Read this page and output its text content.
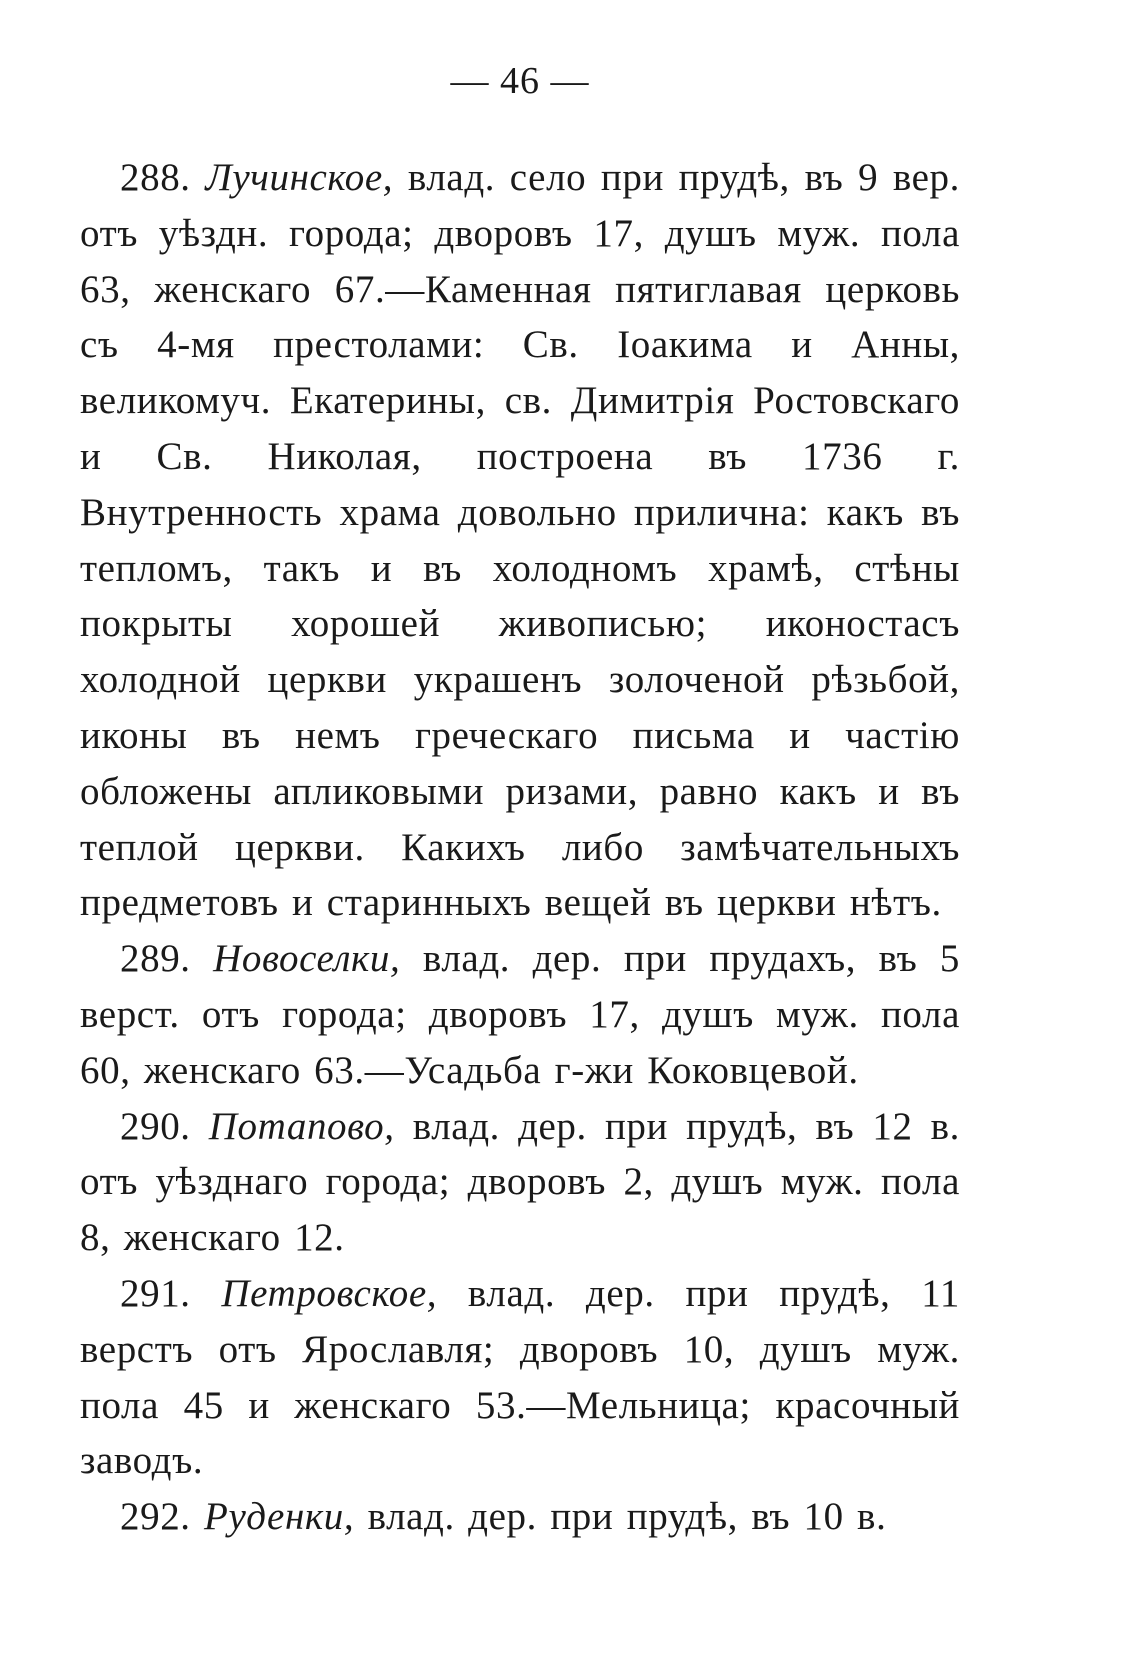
— 46 —

288. Лучинское, влад. село при прудѣ, въ 9 вер. отъ уѣздн. города; дворовъ 17, душъ муж. пола 63, женскаго 67.—Каменная пятиглавая церковь съ 4-мя престолами: Св. Іоакима и Анны, великомуч. Екатерины, св. Димитрія Ростовскаго и Св. Николая, построена въ 1736 г. Внутренность храма довольно прилична: какъ въ тепломъ, такъ и въ холодномъ храмѣ, стѣны покрыты хорошей живописью; иконостасъ холодной церкви украшенъ золоченой рѣзьбой, иконы въ немъ греческаго письма и частію обложены апликовыми ризами, равно какъ и въ теплой церкви. Какихъ либо замѣчательныхъ предметовъ и старинныхъ вещей въ церкви нѣтъ.

289. Новоселки, влад. дер. при прудахъ, въ 5 верст. отъ города; дворовъ 17, душъ муж. пола 60, женскаго 63.—Усадьба г-жи Коковцевой.

290. Потапово, влад. дер. при прудѣ, въ 12 в. отъ уѣзднаго города; дворовъ 2, душъ муж. пола 8, женскаго 12.

291. Петровское, влад. дер. при прудѣ, 11 верстъ отъ Ярославля; дворовъ 10, душъ муж. пола 45 и женскаго 53.—Мельница; красочный заводъ.

292. Руденки, влад. дер. при прудѣ, въ 10 в.
